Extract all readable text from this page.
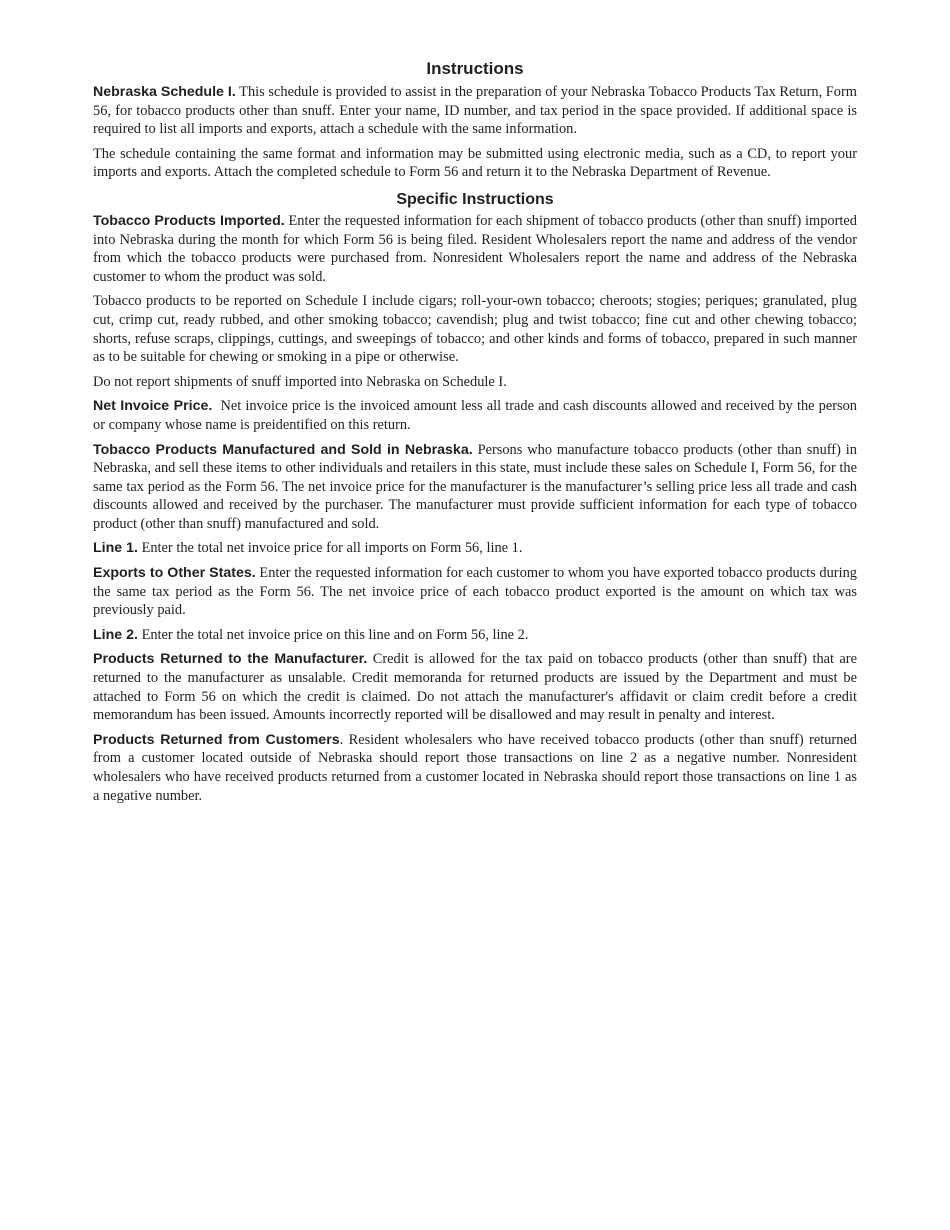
Instructions

Nebraska Schedule I. This schedule is provided to assist in the preparation of your Nebraska Tobacco Products Tax Return, Form 56, for tobacco products other than snuff. Enter your name, ID number, and tax period in the space provided. If additional space is required to list all imports and exports, attach a schedule with the same information.

The schedule containing the same format and information may be submitted using electronic media, such as a CD, to report your imports and exports. Attach the completed schedule to Form 56 and return it to the Nebraska Department of Revenue.

Specific Instructions

Tobacco Products Imported. Enter the requested information for each shipment of tobacco products (other than snuff) imported into Nebraska during the month for which Form 56 is being filed. Resident Wholesalers report the name and address of the vendor from which the tobacco products were purchased from. Nonresident Wholesalers report the name and address of the Nebraska customer to whom the product was sold.

Tobacco products to be reported on Schedule I include cigars; roll-your-own tobacco; cheroots; stogies; periques; granulated, plug cut, crimp cut, ready rubbed, and other smoking tobacco; cavendish; plug and twist tobacco; fine cut and other chewing tobacco; shorts, refuse scraps, clippings, cuttings, and sweepings of tobacco; and other kinds and forms of tobacco, prepared in such manner as to be suitable for chewing or smoking in a pipe or otherwise.

Do not report shipments of snuff imported into Nebraska on Schedule I.

Net Invoice Price. Net invoice price is the invoiced amount less all trade and cash discounts allowed and received by the person or company whose name is preidentified on this return.

Tobacco Products Manufactured and Sold in Nebraska. Persons who manufacture tobacco products (other than snuff) in Nebraska, and sell these items to other individuals and retailers in this state, must include these sales on Schedule I, Form 56, for the same tax period as the Form 56. The net invoice price for the manufacturer is the manufacturer’s selling price less all trade and cash discounts allowed and received by the purchaser. The manufacturer must provide sufficient information for each type of tobacco product (other than snuff) manufactured and sold.

Line 1. Enter the total net invoice price for all imports on Form 56, line 1.

Exports to Other States. Enter the requested information for each customer to whom you have exported tobacco products during the same tax period as the Form 56. The net invoice price of each tobacco product exported is the amount on which tax was previously paid.

Line 2. Enter the total net invoice price on this line and on Form 56, line 2.

Products Returned to the Manufacturer. Credit is allowed for the tax paid on tobacco products (other than snuff) that are returned to the manufacturer as unsalable. Credit memoranda for returned products are issued by the Department and must be attached to Form 56 on which the credit is claimed. Do not attach the manufacturer's affidavit or claim credit before a credit memorandum has been issued. Amounts incorrectly reported will be disallowed and may result in penalty and interest.

Products Returned from Customers. Resident wholesalers who have received tobacco products (other than snuff) returned from a customer located outside of Nebraska should report those transactions on line 2 as a negative number. Nonresident wholesalers who have received products returned from a customer located in Nebraska should report those transactions on line 1 as a negative number.
